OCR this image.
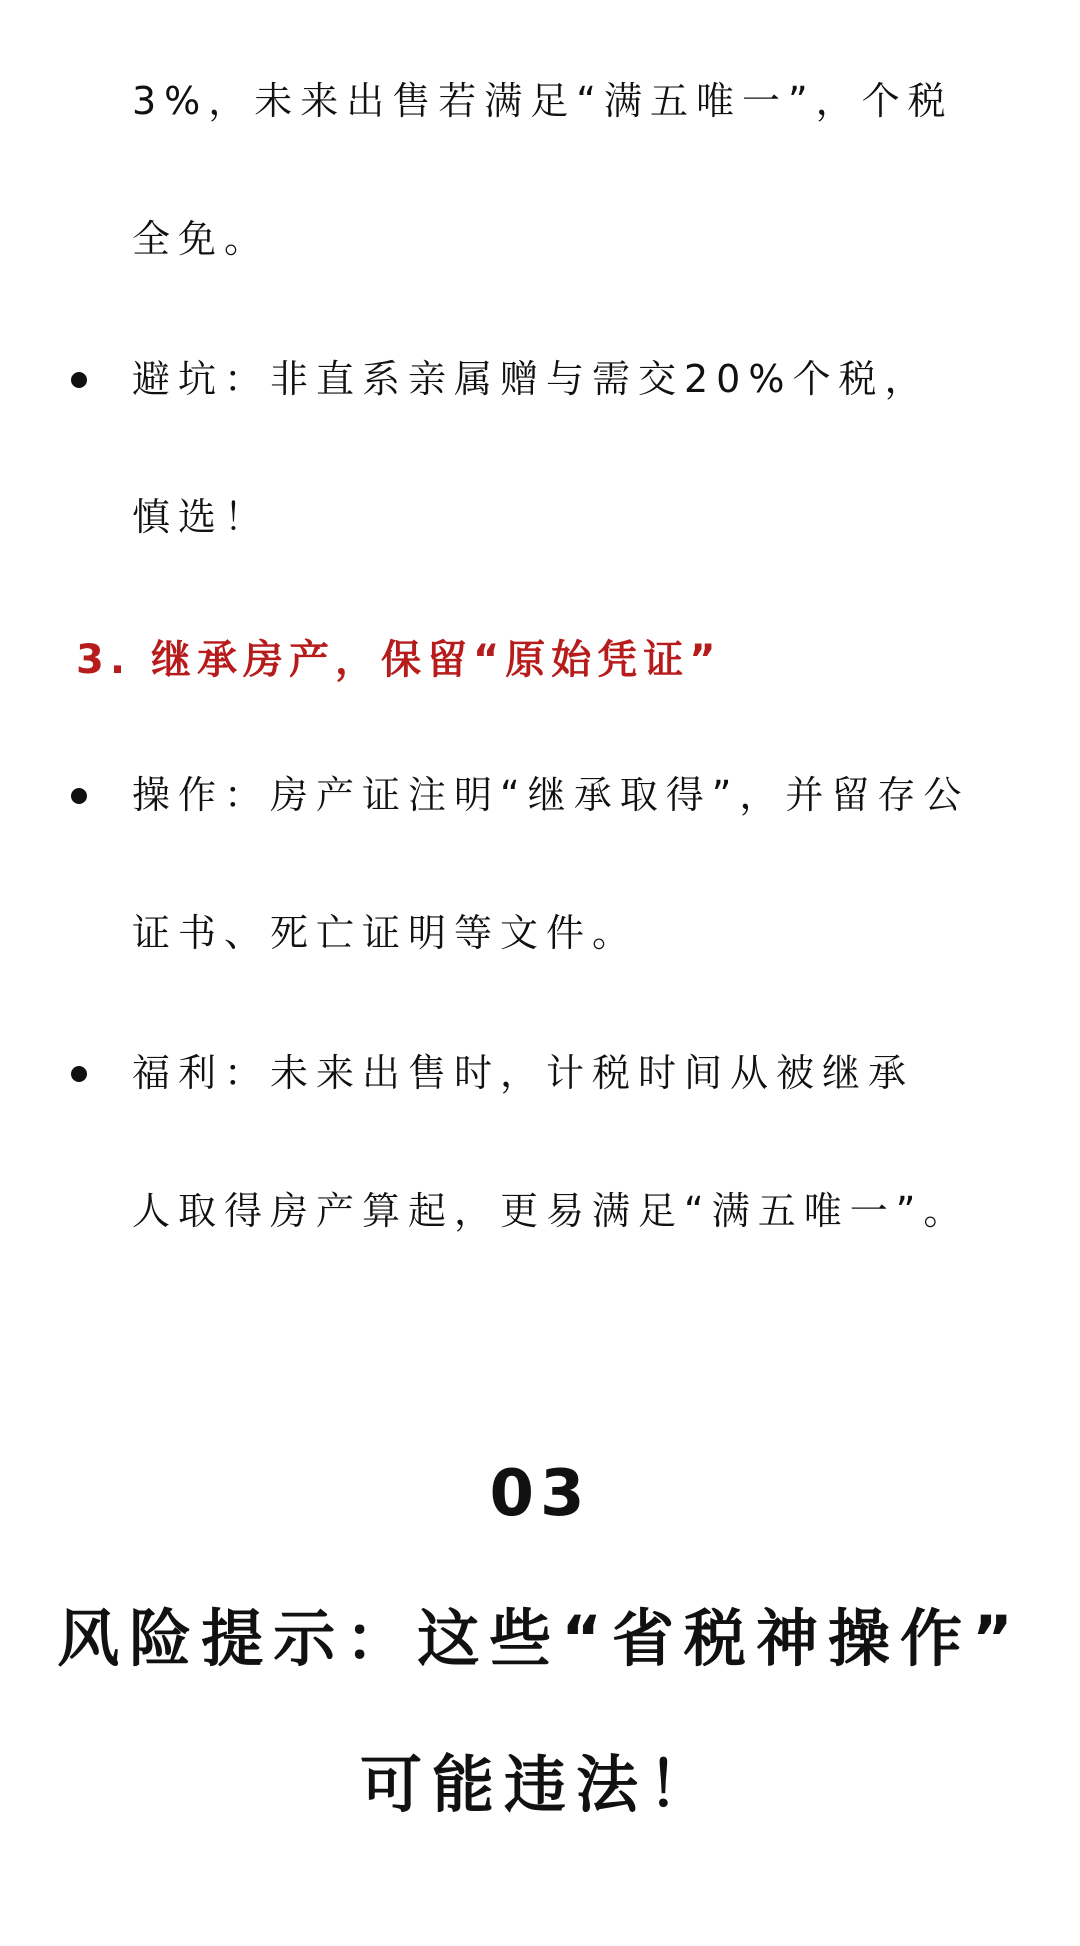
3%，未来出售若满足“满五唯一”，个税
全免。
避坑：非直系亲属赠与需交20%个税，
慎选！
3. 继承房产，保留“原始凭证”
操作：房产证注明“继承取得”，并留存公
证书、死亡证明等文件。
福利：未来出售时，计税时间从被继承
人取得房产算起，更易满足“满五唯一”。
03
风险提示：这些“省税神操作”
可能违法！
